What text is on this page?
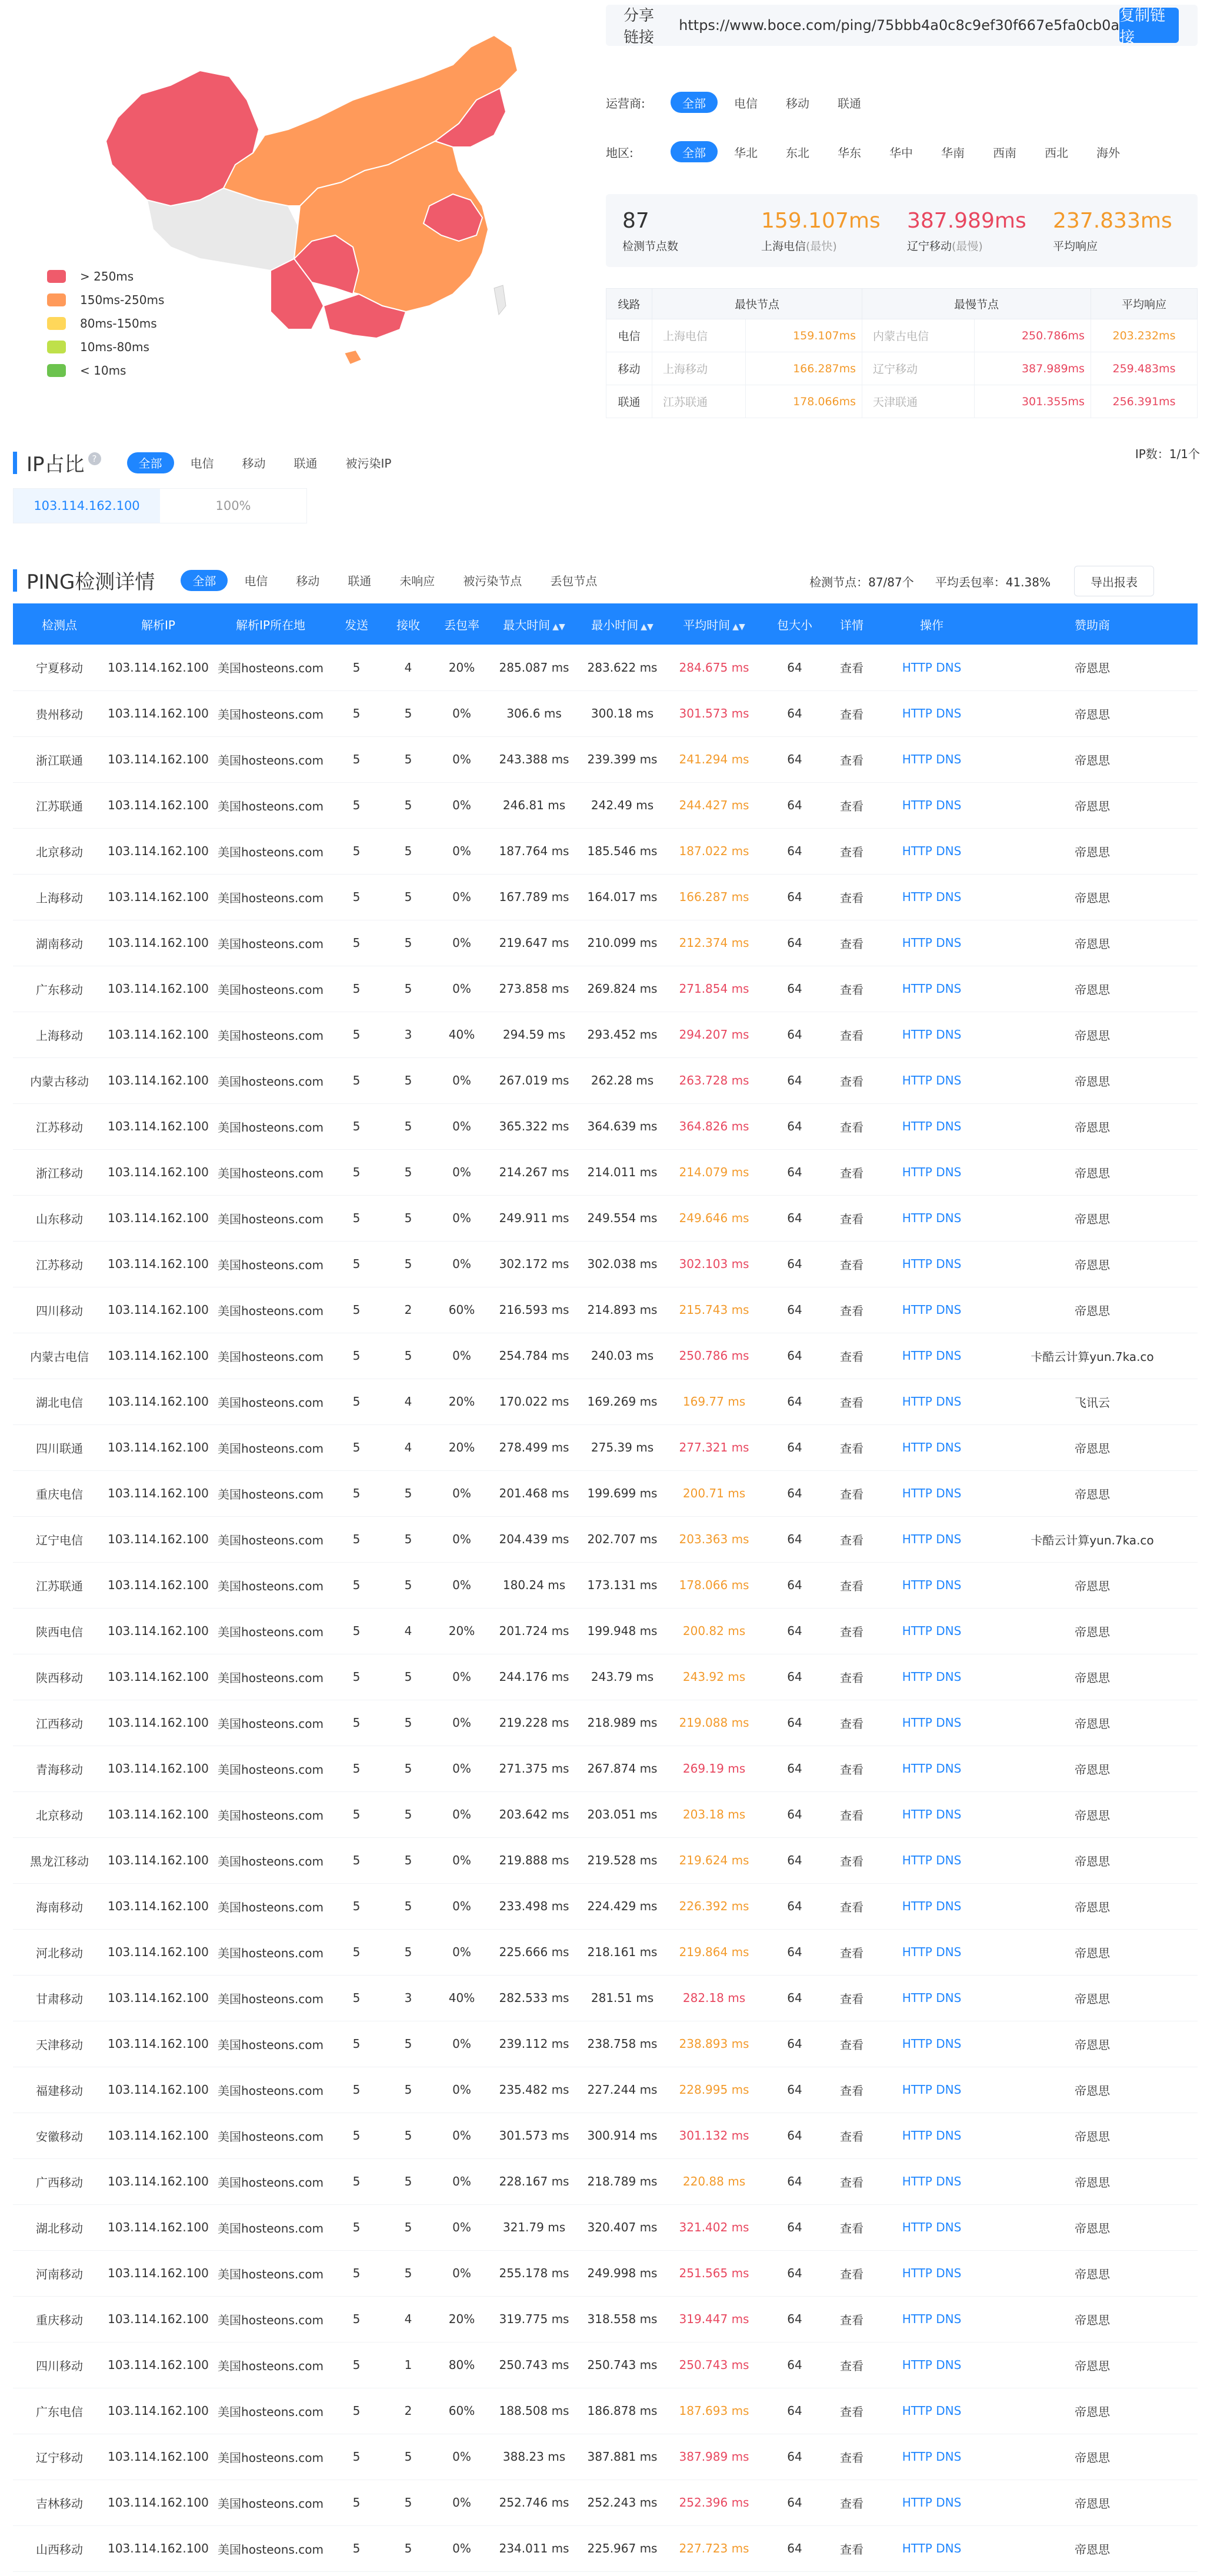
> 250ms
150ms-250ms
80ms-150ms
10ms-80ms
< 10ms
分享链接
https://www.boce.com/ping/75bbb4a0c8c9ef30f667e5fa0cb0a
复制链接
运营商:	全部	电信	移动	联通
地区:	全部	华北	东北	华东	华中	华南	西南	西北	海外
87
检测节点数
159.107ms
上海电信(最快)
387.989ms
辽宁移动(最慢)
237.833ms
平均响应
线路	最快节点		最慢节点		平均响应
电信	上海电信	159.107ms	内蒙古电信	250.786ms	203.232ms
移动	上海移动	166.287ms	辽宁移动	387.989ms	259.483ms
联通	江苏联通	178.066ms	天津联通	301.355ms	256.391ms
IP占比 ?	全部	电信	移动	联通	被污染IP
IP数：1/1个
103.114.162.100	100%
PING检测详情	全部	电信	移动	联通	未响应	被污染节点	丢包节点	检测节点：87/87个 平均丢包率：41.38%	导出报表
检测点	解析IP	解析IP所在地	发送	接收	丢包率	最大时间 ▲▼	最小时间 ▲▼	平均时间 ▲▼	包大小	详情	操作	赞助商
宁夏移动	103.114.162.100	美国hosteons.com	5	4	20%	285.087 ms	283.622 ms	284.675 ms	64	查看	HTTP DNS	帝恩思
贵州移动	103.114.162.100	美国hosteons.com	5	5	0%	306.6 ms	300.18 ms	301.573 ms	64	查看	HTTP DNS	帝恩思
浙江联通	103.114.162.100	美国hosteons.com	5	5	0%	243.388 ms	239.399 ms	241.294 ms	64	查看	HTTP DNS	帝恩思
江苏联通	103.114.162.100	美国hosteons.com	5	5	0%	246.81 ms	242.49 ms	244.427 ms	64	查看	HTTP DNS	帝恩思
北京移动	103.114.162.100	美国hosteons.com	5	5	0%	187.764 ms	185.546 ms	187.022 ms	64	查看	HTTP DNS	帝恩思
上海移动	103.114.162.100	美国hosteons.com	5	5	0%	167.789 ms	164.017 ms	166.287 ms	64	查看	HTTP DNS	帝恩思
湖南移动	103.114.162.100	美国hosteons.com	5	5	0%	219.647 ms	210.099 ms	212.374 ms	64	查看	HTTP DNS	帝恩思
广东移动	103.114.162.100	美国hosteons.com	5	5	0%	273.858 ms	269.824 ms	271.854 ms	64	查看	HTTP DNS	帝恩思
上海移动	103.114.162.100	美国hosteons.com	5	3	40%	294.59 ms	293.452 ms	294.207 ms	64	查看	HTTP DNS	帝恩思
内蒙古移动	103.114.162.100	美国hosteons.com	5	5	0%	267.019 ms	262.28 ms	263.728 ms	64	查看	HTTP DNS	帝恩思
江苏移动	103.114.162.100	美国hosteons.com	5	5	0%	365.322 ms	364.639 ms	364.826 ms	64	查看	HTTP DNS	帝恩思
浙江移动	103.114.162.100	美国hosteons.com	5	5	0%	214.267 ms	214.011 ms	214.079 ms	64	查看	HTTP DNS	帝恩思
山东移动	103.114.162.100	美国hosteons.com	5	5	0%	249.911 ms	249.554 ms	249.646 ms	64	查看	HTTP DNS	帝恩思
江苏移动	103.114.162.100	美国hosteons.com	5	5	0%	302.172 ms	302.038 ms	302.103 ms	64	查看	HTTP DNS	帝恩思
四川移动	103.114.162.100	美国hosteons.com	5	2	60%	216.593 ms	214.893 ms	215.743 ms	64	查看	HTTP DNS	帝恩思
内蒙古电信	103.114.162.100	美国hosteons.com	5	5	0%	254.784 ms	240.03 ms	250.786 ms	64	查看	HTTP DNS	卡酷云计算yun.7ka.co
湖北电信	103.114.162.100	美国hosteons.com	5	4	20%	170.022 ms	169.269 ms	169.77 ms	64	查看	HTTP DNS	飞讯云
四川联通	103.114.162.100	美国hosteons.com	5	4	20%	278.499 ms	275.39 ms	277.321 ms	64	查看	HTTP DNS	帝恩思
重庆电信	103.114.162.100	美国hosteons.com	5	5	0%	201.468 ms	199.699 ms	200.71 ms	64	查看	HTTP DNS	帝恩思
辽宁电信	103.114.162.100	美国hosteons.com	5	5	0%	204.439 ms	202.707 ms	203.363 ms	64	查看	HTTP DNS	卡酷云计算yun.7ka.co
江苏联通	103.114.162.100	美国hosteons.com	5	5	0%	180.24 ms	173.131 ms	178.066 ms	64	查看	HTTP DNS	帝恩思
陕西电信	103.114.162.100	美国hosteons.com	5	4	20%	201.724 ms	199.948 ms	200.82 ms	64	查看	HTTP DNS	帝恩思
陕西移动	103.114.162.100	美国hosteons.com	5	5	0%	244.176 ms	243.79 ms	243.92 ms	64	查看	HTTP DNS	帝恩思
江西移动	103.114.162.100	美国hosteons.com	5	5	0%	219.228 ms	218.989 ms	219.088 ms	64	查看	HTTP DNS	帝恩思
青海移动	103.114.162.100	美国hosteons.com	5	5	0%	271.375 ms	267.874 ms	269.19 ms	64	查看	HTTP DNS	帝恩思
北京移动	103.114.162.100	美国hosteons.com	5	5	0%	203.642 ms	203.051 ms	203.18 ms	64	查看	HTTP DNS	帝恩思
黑龙江移动	103.114.162.100	美国hosteons.com	5	5	0%	219.888 ms	219.528 ms	219.624 ms	64	查看	HTTP DNS	帝恩思
海南移动	103.114.162.100	美国hosteons.com	5	5	0%	233.498 ms	224.429 ms	226.392 ms	64	查看	HTTP DNS	帝恩思
河北移动	103.114.162.100	美国hosteons.com	5	5	0%	225.666 ms	218.161 ms	219.864 ms	64	查看	HTTP DNS	帝恩思
甘肃移动	103.114.162.100	美国hosteons.com	5	3	40%	282.533 ms	281.51 ms	282.18 ms	64	查看	HTTP DNS	帝恩思
天津移动	103.114.162.100	美国hosteons.com	5	5	0%	239.112 ms	238.758 ms	238.893 ms	64	查看	HTTP DNS	帝恩思
福建移动	103.114.162.100	美国hosteons.com	5	5	0%	235.482 ms	227.244 ms	228.995 ms	64	查看	HTTP DNS	帝恩思
安徽移动	103.114.162.100	美国hosteons.com	5	5	0%	301.573 ms	300.914 ms	301.132 ms	64	查看	HTTP DNS	帝恩思
广西移动	103.114.162.100	美国hosteons.com	5	5	0%	228.167 ms	218.789 ms	220.88 ms	64	查看	HTTP DNS	帝恩思
湖北移动	103.114.162.100	美国hosteons.com	5	5	0%	321.79 ms	320.407 ms	321.402 ms	64	查看	HTTP DNS	帝恩思
河南移动	103.114.162.100	美国hosteons.com	5	5	0%	255.178 ms	249.998 ms	251.565 ms	64	查看	HTTP DNS	帝恩思
重庆移动	103.114.162.100	美国hosteons.com	5	4	20%	319.775 ms	318.558 ms	319.447 ms	64	查看	HTTP DNS	帝恩思
四川移动	103.114.162.100	美国hosteons.com	5	1	80%	250.743 ms	250.743 ms	250.743 ms	64	查看	HTTP DNS	帝恩思
广东电信	103.114.162.100	美国hosteons.com	5	2	60%	188.508 ms	186.878 ms	187.693 ms	64	查看	HTTP DNS	帝恩思
辽宁移动	103.114.162.100	美国hosteons.com	5	5	0%	388.23 ms	387.881 ms	387.989 ms	64	查看	HTTP DNS	帝恩思
吉林移动	103.114.162.100	美国hosteons.com	5	5	0%	252.746 ms	252.243 ms	252.396 ms	64	查看	HTTP DNS	帝恩思
山西移动	103.114.162.100	美国hosteons.com	5	5	0%	234.011 ms	225.967 ms	227.723 ms	64	查看	HTTP DNS	帝恩思
